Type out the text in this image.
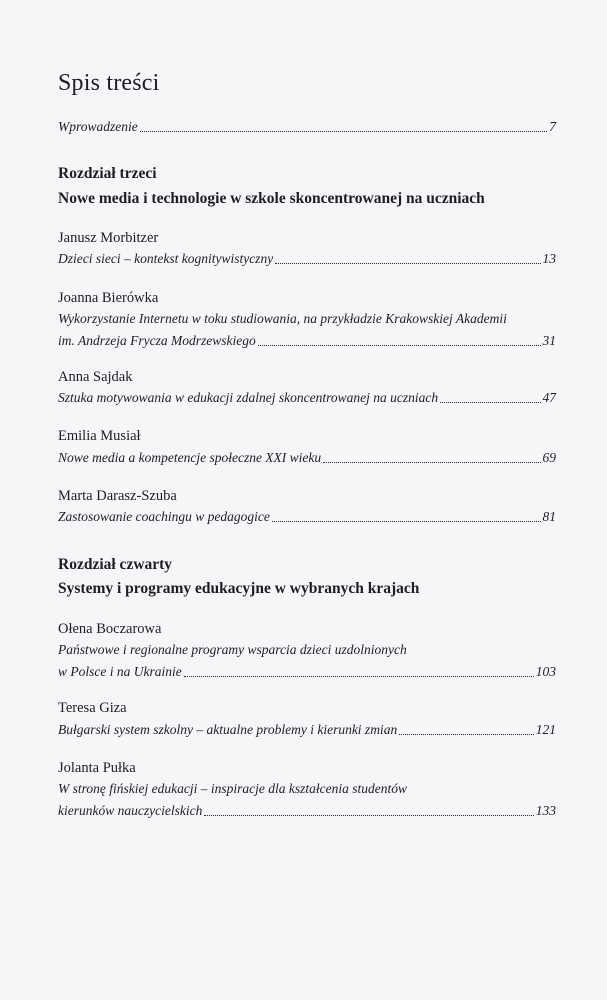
Spis treści
Wprowadzenie	7
Rozdział trzeci
Nowe media i technologie w szkole skoncentrowanej na uczniach
Janusz Morbitzer
Dzieci sieci – kontekst kognitywistyczny	13
Joanna Bierówka
Wykorzystanie Internetu w toku studiowania, na przykładzie Krakowskiej Akademii
im. Andrzeja Frycza Modrzewskiego	31
Anna Sajdak
Sztuka motywowania w edukacji zdalnej skoncentrowanej na uczniach	47
Emilia Musiał
Nowe media a kompetencje społeczne XXI wieku	69
Marta Darasz-Szuba
Zastosowanie coachingu w pedagogice	81
Rozdział czwarty
Systemy i programy edukacyjne w wybranych krajach
Ołena Boczarowa
Państwowe i regionalne programy wsparcia dzieci uzdolnionych
w Polsce i na Ukrainie	103
Teresa Giza
Bułgarski system szkolny – aktualne problemy i kierunki zmian	121
Jolanta Pułka
W stronę fińskiej edukacji – inspiracje dla kształcenia studentów
kierunków nauczycielskich	133
